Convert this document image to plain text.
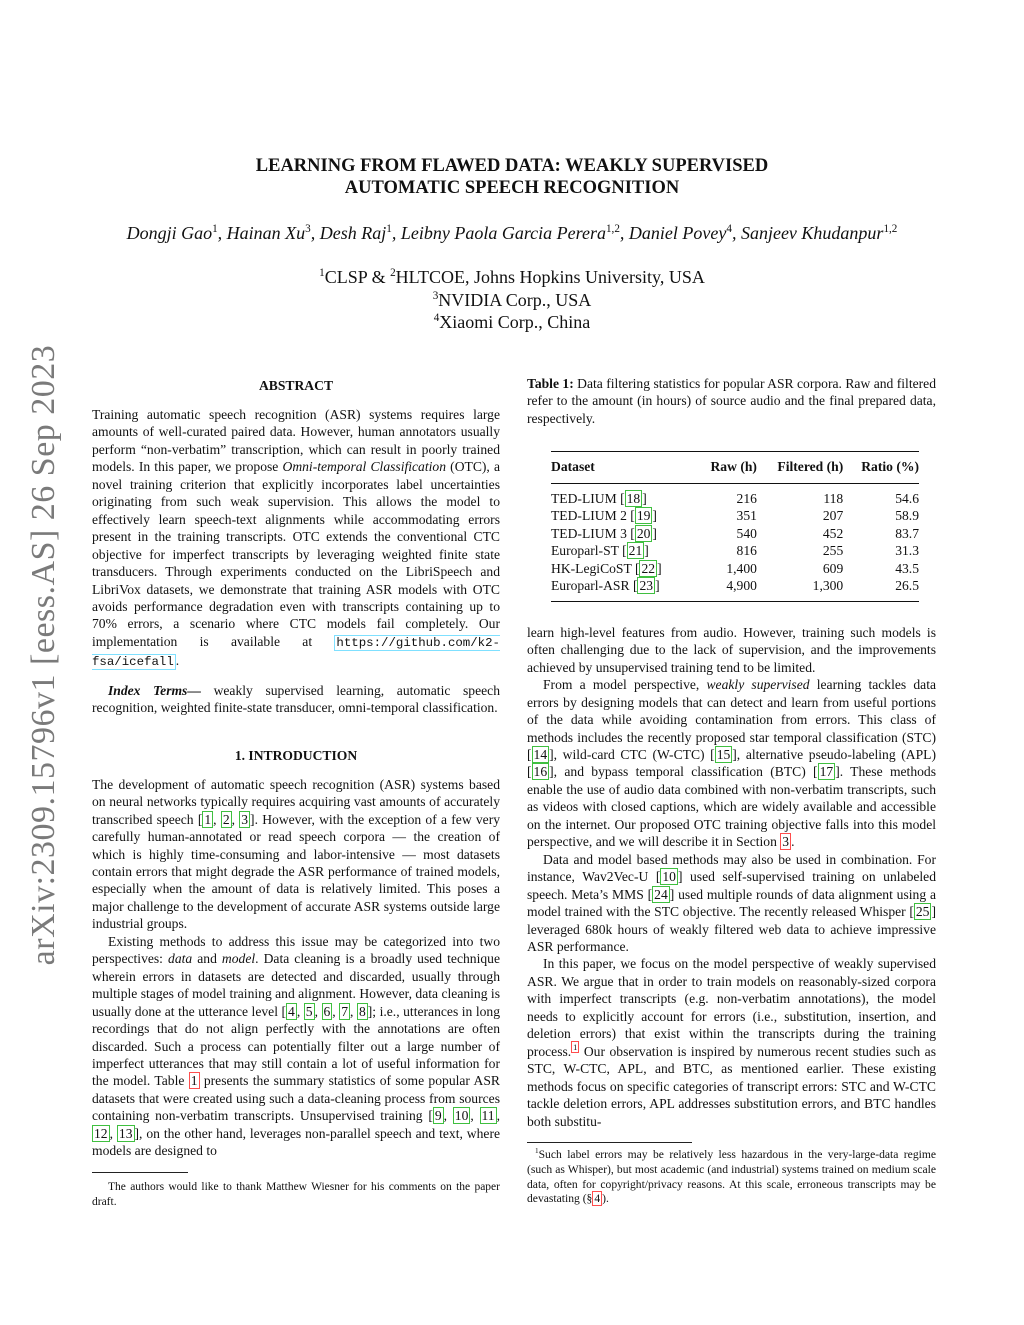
arXiv:2309.15796v1 [eess.AS] 26 Sep 2023
LEARNING FROM FLAWED DATA: WEAKLY SUPERVISED
AUTOMATIC SPEECH RECOGNITION
Dongji Gao$^1$, Hainan Xu$^3$, Desh Raj$^1$, Leibny Paola Garcia Perera$^{1,2}$, Daniel Povey$^4$, Sanjeev Khudanpur$^{1,2}$
$^1$CLSP & $^2$HLTCOE, Johns Hopkins University, USA
$^3$NVIDIA Corp., USA
$^4$Xiaomi Corp., China
ABSTRACT

Training automatic speech recognition (ASR) systems requires large amounts of well-curated paired data. However, human annotators usually perform “non-verbatim” transcription, which can result in poorly trained models. In this paper, we propose Omni-temporal Classification (OTC), a novel training criterion that explicitly incorporates label uncertainties originating from such weak supervision. This allows the model to effectively learn speech-text alignments while accommodating errors present in the training transcripts. OTC extends the conventional CTC objective for imperfect transcripts by leveraging weighted finite state transducers. Through experiments conducted on the LibriSpeech and LibriVox datasets, we demonstrate that training ASR models with OTC avoids performance degradation even with transcripts containing up to 70% errors, a scenario where CTC models fail completely. Our implementation is available at https://github.com/k2-fsa/icefall .

Index Terms— weakly supervised learning, automatic speech recognition, weighted finite-state transducer, omni-temporal classification.

1. INTRODUCTION

The development of automatic speech recognition (ASR) systems based on neural networks typically requires acquiring vast amounts of accurately transcribed speech [ 1 , 2 , 3 ]. However, with the exception of a few very carefully human-annotated or read speech corpora — the creation of which is highly time-consuming and labor-intensive — most datasets contain errors that might degrade the ASR performance of trained models, especially when the amount of data is relatively limited. This poses a major challenge to the development of accurate ASR systems outside large industrial groups.

Existing methods to address this issue may be categorized into two perspectives: data and model. Data cleaning is a broadly used technique wherein errors in datasets are detected and discarded, usually through multiple stages of model training and alignment. However, data cleaning is usually done at the utterance level [ 4 , 5 , 6 , 7 , 8 ]; i.e., utterances in long recordings that do not align perfectly with the annotations are often discarded. Such a process can potentially filter out a large number of imperfect utterances that may still contain a lot of useful information for the model. Table 1 presents the summary statistics of some popular ASR datasets that were created using such a data-cleaning process from sources containing non-verbatim transcripts. Unsupervised training [ 9 , 10 , 11 , 12 , 13 ], on the other hand, leverages non-parallel speech and text, where models are designed to

The authors would like to thank Matthew Wiesner for his comments on the paper draft.

Table 1: Data filtering statistics for popular ASR corpora. Raw and filtered refer to the amount (in hours) of source audio and the final prepared data, respectively.

Dataset	Raw (h)	Filtered (h)	Ratio (%)
TED-LIUM [ 18 ]	216	118	54.6
TED-LIUM 2 [ 19 ]	351	207	58.9
TED-LIUM 3 [ 20 ]	540	452	83.7
Europarl-ST [ 21 ]	816	255	31.3
HK-LegiCoST [ 22 ]	1,400	609	43.5
Europarl-ASR [ 23 ]	4,900	1,300	26.5

learn high-level features from audio. However, training such models is often challenging due to the lack of supervision, and the improvements achieved by unsupervised training tend to be limited.

From a model perspective, weakly supervised learning tackles data errors by designing models that can detect and learn from useful portions of the data while avoiding contamination from errors. This class of methods includes the recently proposed star temporal classification (STC) [ 14 ], wild-card CTC (W-CTC) [ 15 ], alternative pseudo-labeling (APL) [ 16 ], and bypass temporal classification (BTC) [ 17 ]. These methods enable the use of audio data combined with non-verbatim transcripts, such as videos with closed captions, which are widely available and accessible on the internet. Our proposed OTC training objective falls into this model perspective, and we will describe it in Section 3 .

Data and model based methods may also be used in combination. For instance, Wav2Vec-U [ 10 ] used self-supervised training on unlabeled speech. Meta’s MMS [ 24 ] used multiple rounds of data alignment using a model trained with the STC objective. The recently released Whisper [ 25 ] leveraged 680k hours of weakly filtered web data to achieve impressive ASR performance.

In this paper, we focus on the model perspective of weakly supervised ASR. We argue that in order to train models on reasonably-sized corpora with imperfect transcripts (e.g. non-verbatim annotations), the model needs to explicitly account for errors (i.e., substitution, insertion, and deletion errors) that exist within the transcripts during the training process. $^1$ Our observation is inspired by numerous recent studies such as STC, W-CTC, APL, and BTC, as mentioned earlier. These existing methods focus on specific categories of transcript errors: STC and W-CTC tackle deletion errors, APL addresses substitution errors, and BTC handles both substitu-

$^1$Such label errors may be relatively less hazardous in the very-large-data regime (such as Whisper), but most academic (and industrial) systems trained on medium scale data, often for copyright/privacy reasons. At this scale, erroneous transcripts may be devastating (§ 4 ).
